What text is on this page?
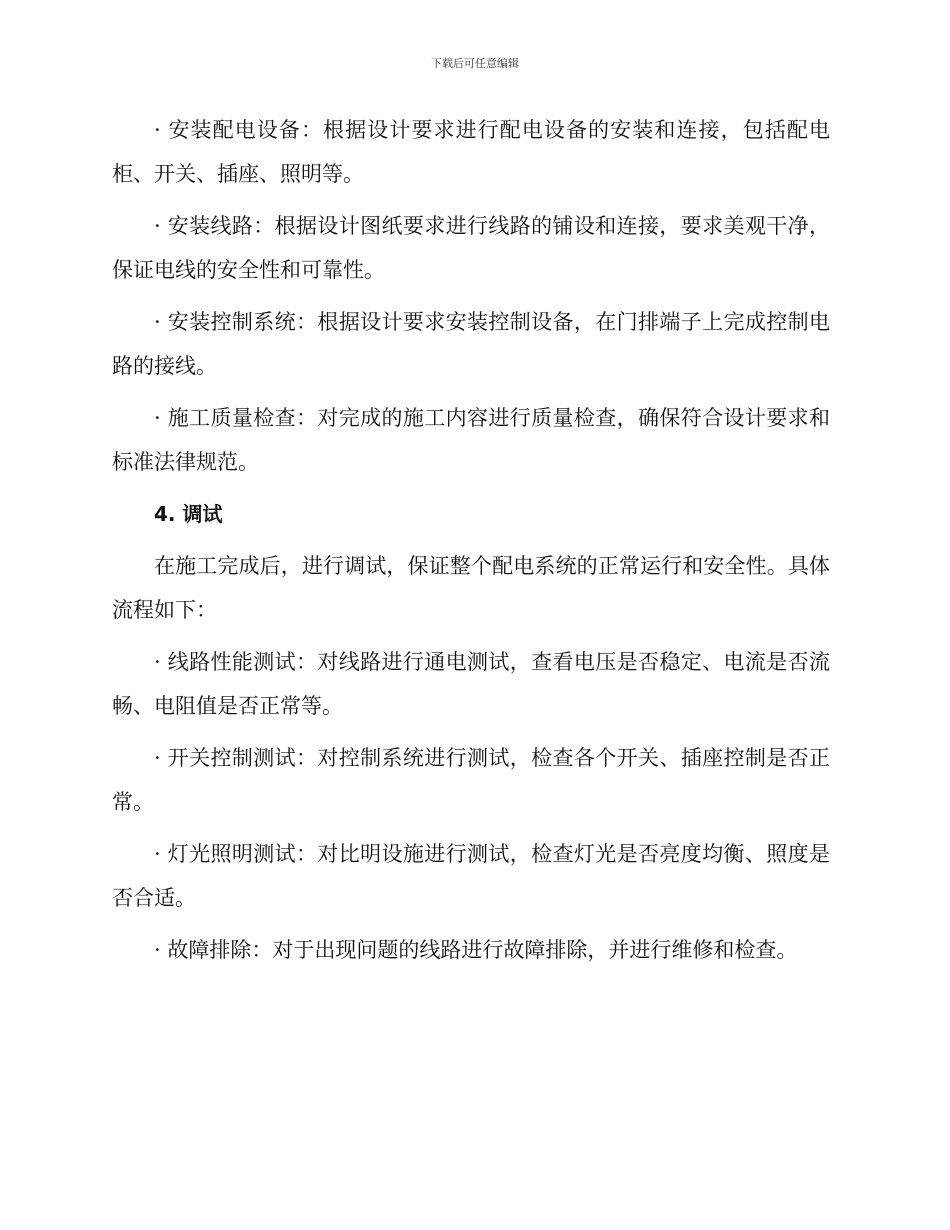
下载后可任意编辑

· 安装配电设备：根据设计要求进行配电设备的安装和连接，包括配电柜、开关、插座、照明等。

· 安装线路：根据设计图纸要求进行线路的铺设和连接，要求美观干净，保证电线的安全性和可靠性。

· 安装控制系统：根据设计要求安装控制设备，在门排端子上完成控制电路的接线。

· 施工质量检查：对完成的施工内容进行质量检查，确保符合设计要求和标准法律规范。

4. 调试

在施工完成后，进行调试，保证整个配电系统的正常运行和安全性。具体流程如下：

· 线路性能测试：对线路进行通电测试，查看电压是否稳定、电流是否流畅、电阻值是否正常等。

· 开关控制测试：对控制系统进行测试，检查各个开关、插座控制是否正常。

· 灯光照明测试：对比明设施进行测试，检查灯光是否亮度均衡、照度是否合适。

· 故障排除：对于出现问题的线路进行故障排除，并进行维修和检查。
